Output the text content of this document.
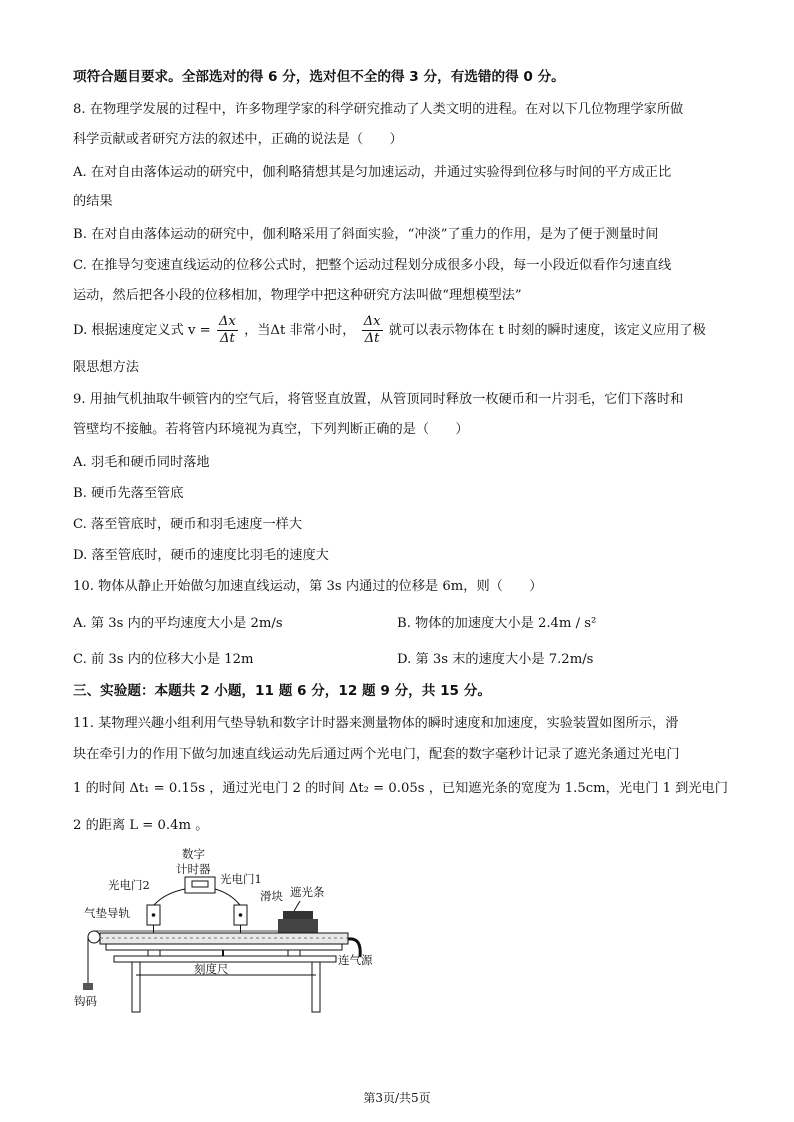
项符合题目要求。全部选对的得 6 分，选对但不全的得 3 分，有选错的得 0 分。
8. 在物理学发展的过程中，许多物理学家的科学研究推动了人类文明的进程。在对以下几位物理学家所做
科学贡献或者研究方法的叙述中，正确的说法是（　　）
A. 在对自由落体运动的研究中，伽利略猜想其是匀加速运动，并通过实验得到位移与时间的平方成正比
的结果
B. 在对自由落体运动的研究中，伽利略采用了斜面实验，“冲淡”了重力的作用，是为了便于测量时间
C. 在推导匀变速直线运动的位移公式时，把整个运动过程划分成很多小段，每一小段近似看作匀速直线
运动，然后把各小段的位移相加，物理学中把这种研究方法叫做“理想模型法”
D. 根据速度定义式 $v = \frac{\Delta x}{\Delta t}$ ，当Δt 非常小时， $\frac{\Delta x}{\Delta t}$ 就可以表示物体在 t 时刻的瞬时速度，该定义应用了极
限思想方法
9. 用抽气机抽取牛顿管内的空气后，将管竖直放置，从管顶同时释放一枚硬币和一片羽毛，它们下落时和
管壁均不接触。若将管内环境视为真空，下列判断正确的是（　　）
A. 羽毛和硬币同时落地
B. 硬币先落至管底
C. 落至管底时，硬币和羽毛速度一样大
D. 落至管底时，硬币的速度比羽毛的速度大
10. 物体从静止开始做匀加速直线运动，第 3s 内通过的位移是 6m，则（　　）
A. 第 3s 内的平均速度大小是 2m/s	B. 物体的加速度大小是 2.4m / s²
C. 前 3s 内的位移大小是 12m	D. 第 3s 末的速度大小是 7.2m/s
三、实验题：本题共 2 小题，11 题 6 分，12 题 9 分，共 15 分。
11. 某物理兴趣小组利用气垫导轨和数字计时器来测量物体的瞬时速度和加速度，实验装置如图所示，滑
块在牵引力的作用下做匀加速直线运动先后通过两个光电门，配套的数字毫秒计记录了遮光条通过光电门
1 的时间 Δt₁ = 0.15s ，通过光电门 2 的时间 Δt₂ = 0.05s ，已知遮光条的宽度为 1.5cm，光电门 1 到光电门
2 的距离 L = 0.4m 。
数字
计时器
光电门2	光电门1
滑块 遮光条
气垫导轨
钩码
连气源
刻度尺
第3页/共5页
